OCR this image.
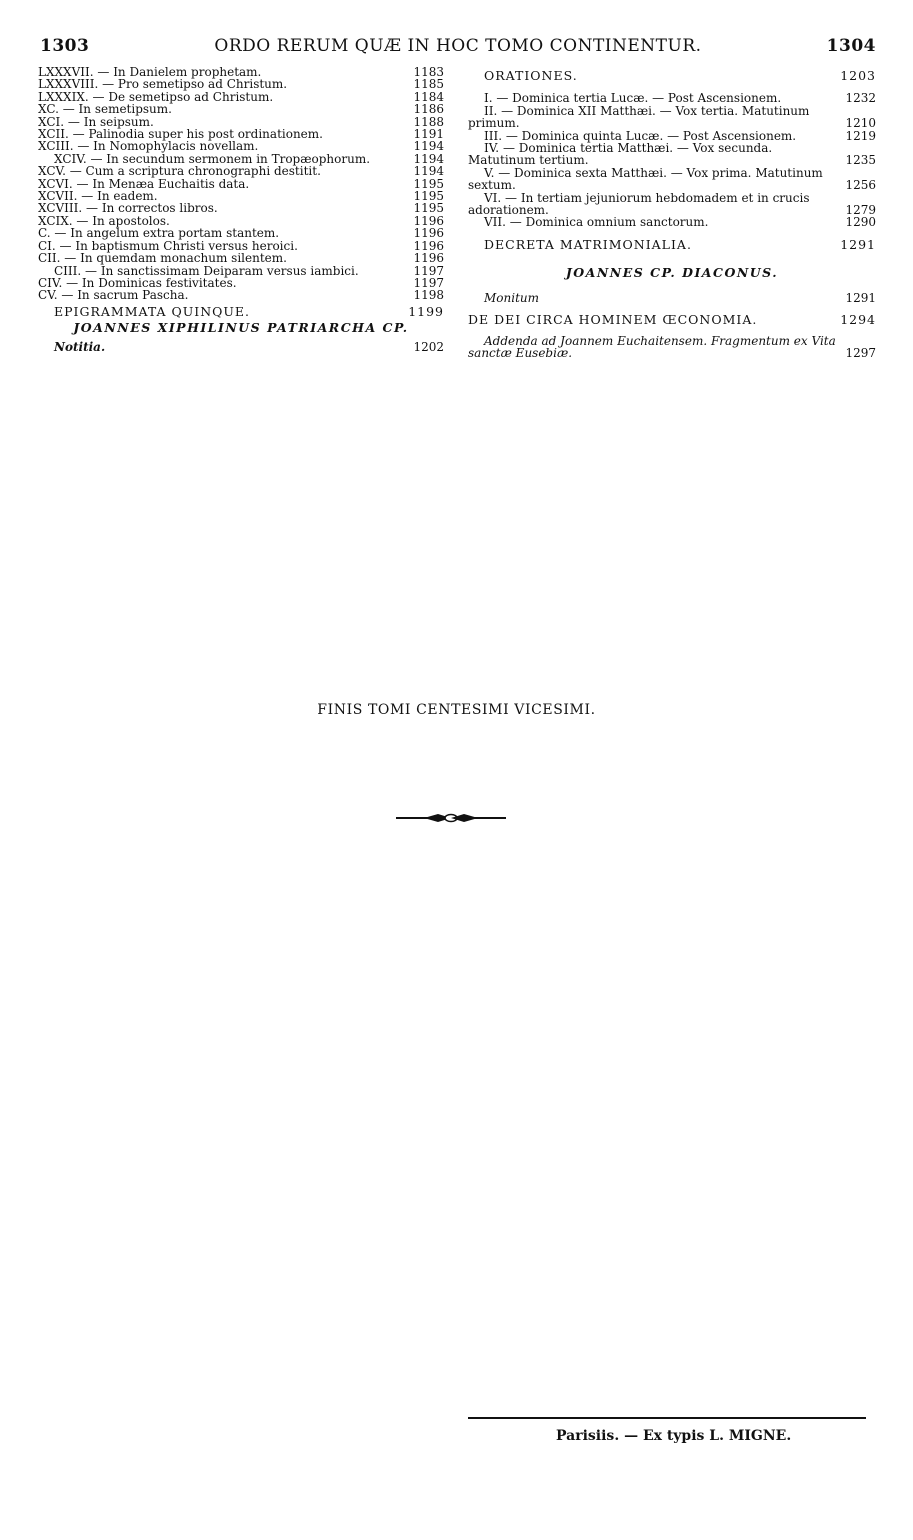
1303	ORDO RERUM QUÆ IN HOC TOMO CONTINENTUR.	1304
LXXXVII. — In Danielem prophetam.	1183
LXXXVIII. — Pro semetipso ad Christum.	1185
LXXXIX. — De semetipso ad Christum.	1184
XC. — In semetipsum.	1186
XCI. — In seipsum.	1188
XCII. — Palinodia super his post ordinationem.	1191
XCIII. — In Nomophylacis novellam.	1194
XCIV. — In secundum sermonem in Tropæophorum.	1194
XCV. — Cum a scriptura chronographi destitit.	1194
XCVI. — In Menæa Euchaitis data.	1195
XCVII. — In eadem.	1195
XCVIII. — In correctos libros.	1195
XCIX. — In apostolos.	1196
C. — In angelum extra portam stantem.	1196
CI. — In baptismum Christi versus heroici.	1196
CII. — In quemdam monachum silentem.	1196
CIII. — In sanctissimam Deiparam versus iambici.	1197
CIV. — In Dominicas festivitates.	1197
CV. — In sacrum Pascha.	1198
EPIGRAMMATA QUINQUE.	1199
JOANNES XIPHILINUS PATRIARCHA CP.
Notitia.	1202
ORATIONES.	1203
I. — Dominica tertia Lucæ. — Post Ascensionem.	1232
II. — Dominica XII Matthæi. — Vox tertia. Matutinum primum.	1210
III. — Dominica quinta Lucæ. — Post Ascensionem.	1219
IV. — Dominica tertia Matthæi. — Vox secunda. Matutinum tertium.	1235
V. — Dominica sexta Matthæi. — Vox prima. Matutinum sextum.	1256
VI. — In tertiam jejuniorum hebdomadem et in crucis adorationem.	1279
VII. — Dominica omnium sanctorum.	1290
DECRETA MATRIMONIALIA.	1291
JOANNES CP. DIACONUS.
Monitum	1291
DE DEI CIRCA HOMINEM ŒCONOMIA.	1294
Addenda ad Joannem Euchaitensem. Fragmentum ex Vita sanctæ Eusebiæ.	1297
FINIS TOMI CENTESIMI VICESIMI.
Parisiis. — Ex typis L. MIGNE.
